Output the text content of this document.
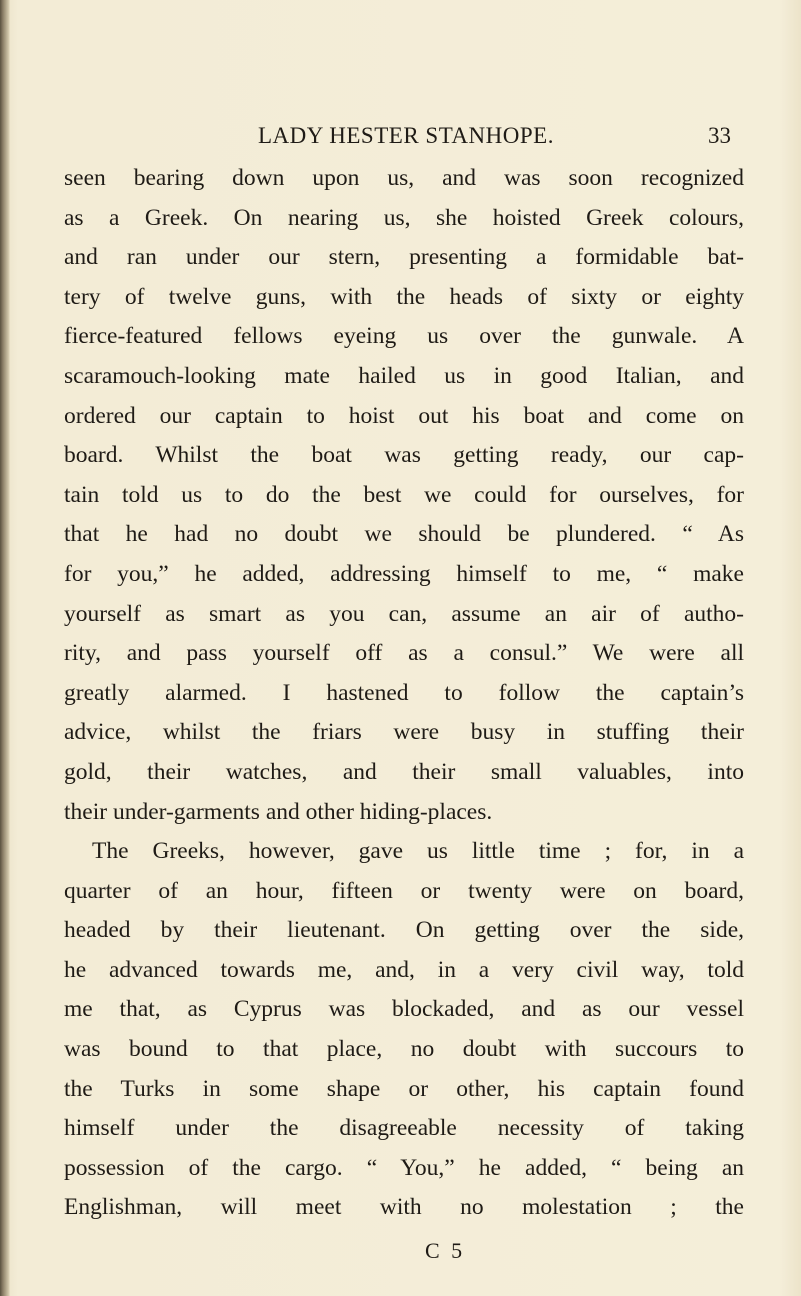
LADY HESTER STANHOPE.	33
seen bearing down upon us, and was soon recognized
as a Greek. On nearing us, she hoisted Greek colours,
and ran under our stern, presenting a formidable bat-
tery of twelve guns, with the heads of sixty or eighty
fierce-featured fellows eyeing us over the gunwale. A
scaramouch-looking mate hailed us in good Italian, and
ordered our captain to hoist out his boat and come on
board. Whilst the boat was getting ready, our cap-
tain told us to do the best we could for ourselves, for
that he had no doubt we should be plundered. “ As
for you,” he added, addressing himself to me, “ make
yourself as smart as you can, assume an air of autho-
rity, and pass yourself off as a consul.” We were all
greatly alarmed. I hastened to follow the captain’s
advice, whilst the friars were busy in stuffing their
gold, their watches, and their small valuables, into
their under-garments and other hiding-places.
The Greeks, however, gave us little time ; for, in a
quarter of an hour, fifteen or twenty were on board,
headed by their lieutenant. On getting over the side,
he advanced towards me, and, in a very civil way, told
me that, as Cyprus was blockaded, and as our vessel
was bound to that place, no doubt with succours to
the Turks in some shape or other, his captain found
himself under the disagreeable necessity of taking
possession of the cargo. “ You,” he added, “ being an
Englishman, will meet with no molestation ; the
C 5
